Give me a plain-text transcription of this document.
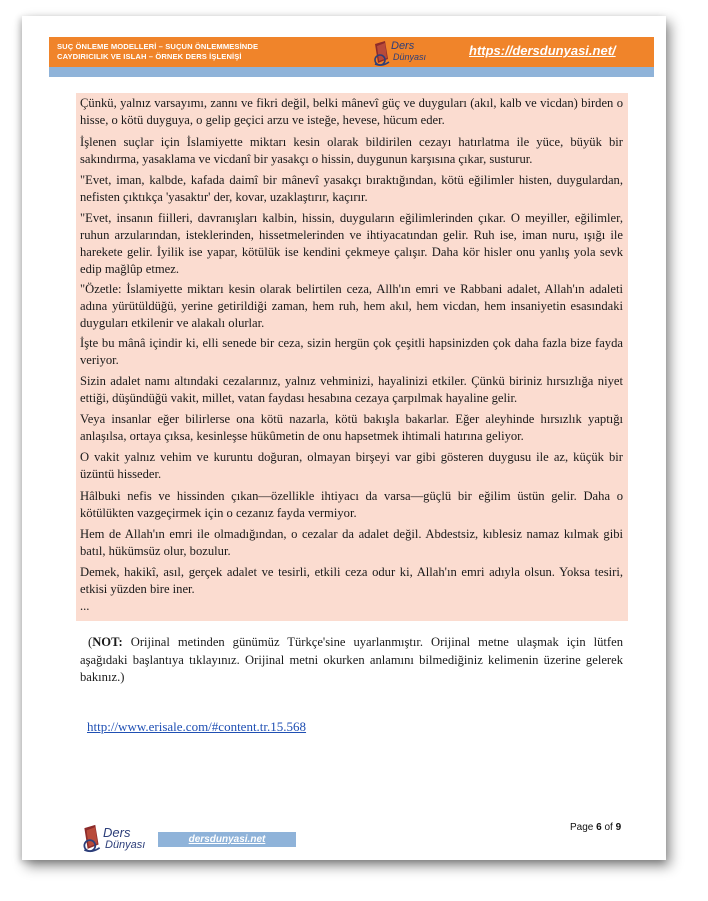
SUÇ ÖNLEME MODELLERİ – SUÇUN ÖNLEMMESİNDE
CAYDIRICILIK VE ISLAH – ÖRNEK DERS İŞLENİŞİ
Ders
Dünyası	https://dersdunyasi.net/
Çünkü, yalnız varsayımı, zannı ve fikri değil, belki mânevî güç ve duyguları (akıl, kalb ve vicdan) birden o hisse, o kötü duyguya, o gelip geçici arzu ve isteğe, hevese, hücum eder.
İşlenen suçlar için İslamiyette miktarı kesin olarak bildirilen cezayı hatırlatma ile yüce, büyük bir sakındırma, yasaklama ve vicdanî bir yasakçı o hissin, duygunun karşısına çıkar, susturur.
"Evet, iman, kalbde, kafada daimî bir mânevî yasakçı bıraktığından, kötü eğilimler histen, duygulardan, nefisten çıktıkça 'yasaktır' der, kovar, uzaklaştırır, kaçırır.
"Evet, insanın fiilleri, davranışları kalbin, hissin, duyguların eğilimlerinden çıkar. O meyiller, eğilimler, ruhun arzularından, isteklerinden, hissetmelerinden ve ihtiyacatından gelir. Ruh ise, iman nuru, ışığı ile harekete gelir. İyilik ise yapar, kötülük ise kendini çekmeye çalışır. Daha kör hisler onu yanlış yola sevk edip mağlûp etmez.
"Özetle: İslamiyette miktarı kesin olarak belirtilen ceza, Allh'ın emri ve Rabbani adalet, Allah'ın adaleti adına yürütüldüğü, yerine getirildiği zaman, hem ruh, hem akıl, hem vicdan, hem insaniyetin esasındaki duyguları etkilenir ve alakalı olurlar.
İşte bu mânâ içindir ki, elli senede bir ceza, sizin hergün çok çeşitli hapsinizden çok daha fazla bize fayda veriyor.
Sizin adalet namı altındaki cezalarınız, yalnız vehminizi, hayalinizi etkiler. Çünkü biriniz hırsızlığa niyet ettiği, düşündüğü vakit, millet, vatan faydası hesabına cezaya çarpılmak hayaline gelir.
Veya insanlar eğer bilirlerse ona kötü nazarla, kötü bakışla bakarlar. Eğer aleyhinde hırsızlık yaptığı anlaşılsa, ortaya çıksa, kesinleşse hükûmetin de onu hapsetmek ihtimali hatırına geliyor.
O vakit yalnız vehim ve kuruntu doğuran, olmayan birşeyi var gibi gösteren duygusu ile az, küçük bir üzüntü hisseder.
Hâlbuki nefis ve hissinden çıkan—özellikle ihtiyacı da varsa—güçlü bir eğilim üstün gelir. Daha o kötülükten vazgeçirmek için o cezanız fayda vermiyor.
Hem de Allah'ın emri ile olmadığından, o cezalar da adalet değil. Abdestsiz, kıblesiz namaz kılmak gibi batıl, hükümsüz olur, bozulur.
Demek, hakikî, asıl, gerçek adalet ve tesirli, etkili ceza odur ki, Allah'ın emri adıyla olsun. Yoksa tesiri, etkisi yüzden bire iner.
...
(NOT: Orijinal metinden günümüz Türkçe'sine uyarlanmıştır. Orijinal metne ulaşmak için lütfen aşağıdaki başlantıya tıklayınız. Orijinal metni okurken anlamını bilmediğiniz kelimenin üzerine gelerek bakınız.)
http://www.erisale.com/#content.tr.15.568
Page 6 of 9
Ders
Dünyası	dersdunyasi.net
